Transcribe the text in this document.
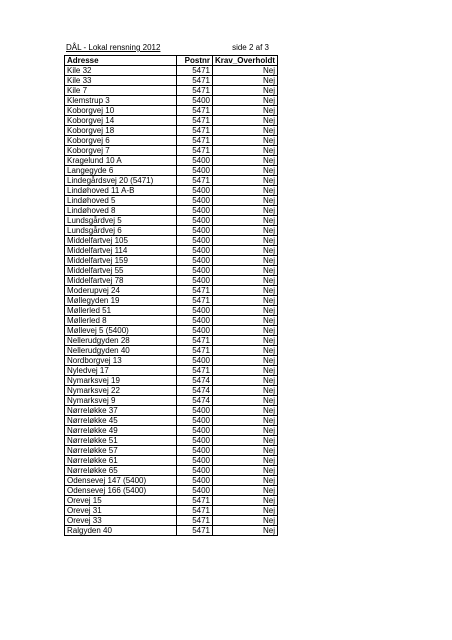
DÅL - Lokal rensning 2012	side 2 af 3
Adresse	Postnr	Krav_Overholdt
Kile 32	5471	Nej
Kile 33	5471	Nej
Kile 7	5471	Nej
Klemstrup 3	5400	Nej
Koborgvej 10	5471	Nej
Koborgvej 14	5471	Nej
Koborgvej 18	5471	Nej
Koborgvej 6	5471	Nej
Koborgvej 7	5471	Nej
Kragelund 10 A	5400	Nej
Langegyde 6	5400	Nej
Lindegårdsvej 20 (5471)	5471	Nej
Lindøhoved 11 A-B	5400	Nej
Lindøhoved 5	5400	Nej
Lindøhoved 8	5400	Nej
Lundsgårdvej 5	5400	Nej
Lundsgårdvej 6	5400	Nej
Middelfartvej 105	5400	Nej
Middelfartvej 114	5400	Nej
Middelfartvej 159	5400	Nej
Middelfartvej 55	5400	Nej
Middelfartvej 78	5400	Nej
Moderupvej 24	5471	Nej
Møllegyden 19	5471	Nej
Møllerled 51	5400	Nej
Møllerled 8	5400	Nej
Møllevej 5 (5400)	5400	Nej
Nellerudgyden 28	5471	Nej
Nellerudgyden 40	5471	Nej
Nordborgvej 13	5400	Nej
Nyledvej 17	5471	Nej
Nymarksvej 19	5474	Nej
Nymarksvej 22	5474	Nej
Nymarksvej 9	5474	Nej
Nørreløkke 37	5400	Nej
Nørreløkke 45	5400	Nej
Nørreløkke 49	5400	Nej
Nørreløkke 51	5400	Nej
Nørreløkke 57	5400	Nej
Nørreløkke 61	5400	Nej
Nørreløkke 65	5400	Nej
Odensevej 147 (5400)	5400	Nej
Odensevej 166 (5400)	5400	Nej
Orevej 15	5471	Nej
Orevej 31	5471	Nej
Orevej 33	5471	Nej
Ralgyden 40	5471	Nej
